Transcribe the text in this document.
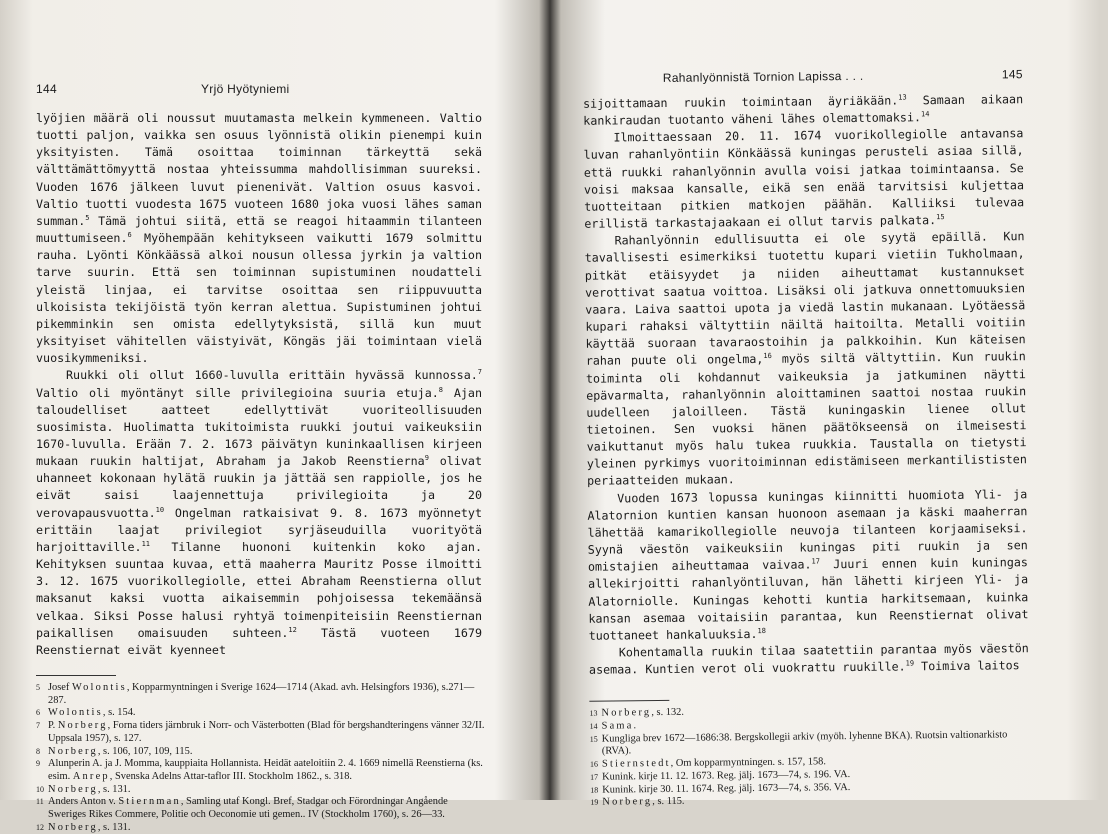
144	Yrjö Hyötyniemi

lyöjien määrä oli noussut muutamasta melkein kymmeneen. Valtio tuotti paljon, vaikka sen osuus lyönnistä olikin pienempi kuin yksityisten. Tämä osoittaa toiminnan tärkeyttä sekä välttämättömyyttä nostaa yhteissumma mahdollisimman suureksi. Vuoden 1676 jälkeen luvut pienenivät. Valtion osuus kasvoi. Valtio tuotti vuodesta 1675 vuoteen 1680 joka vuosi lähes saman summan.$^5$ Tämä johtui siitä, että se reagoi hitaammin tilanteen muuttumiseen.$^6$ Myöhempään kehitykseen vaikutti 1679 solmittu rauha. Lyönti Könkäässä alkoi nousun ollessa jyrkin ja valtion tarve suurin. Että sen toiminnan supistuminen noudatteli yleistä linjaa, ei tarvitse osoittaa sen riippuvuutta ulkoisista tekijöistä työn kerran alettua. Supistuminen johtui pikemminkin sen omista edellytyksistä, sillä kun muut yksityiset vähitellen väistyivät, Köngäs jäi toimintaan vielä vuosikymmeniksi.

Ruukki oli ollut 1660-luvulla erittäin hyvässä kunnossa.$^7$ Valtio oli myöntänyt sille privilegioina suuria etuja.$^8$ Ajan taloudelliset aatteet edellyttivät vuoriteollisuuden suosimista. Huolimatta tukitoimista ruukki joutui vaikeuksiin 1670-luvulla. Erään 7. 2. 1673 päivätyn kuninkaallisen kirjeen mukaan ruukin haltijat, Abraham ja Jakob Reenstierna$^9$ olivat uhanneet kokonaan hylätä ruukin ja jättää sen rappiolle, jos he eivät saisi laajennettuja privilegioita ja 20 verovapausvuotta.$^{10}$ Ongelman ratkaisivat 9. 8. 1673 myönnetyt erittäin laajat privilegiot syrjäseuduilla vuorityötä harjoittaville.$^{11}$ Tilanne huononi kuitenkin koko ajan. Kehityksen suuntaa kuvaa, että maaherra Mauritz Posse ilmoitti 3. 12. 1675 vuorikollegiolle, ettei Abraham Reenstierna ollut maksanut kaksi vuotta aikaisemmin pohjoisessa tekemäänsä velkaa. Siksi Posse halusi ryhtyä toimenpiteisiin Reenstiernan paikallisen omaisuuden suhteen.$^{12}$ Tästä vuoteen 1679 Reenstiernat eivät kyenneet

5 Josef Wolontis, Kopparmyntningen i Sverige 1624—1714 (Akad. avh. Helsingfors 1936), s.271—287.
6 Wolontis, s. 154.
7 P. Norberg, Forna tiders järnbruk i Norr- och Västerbotten (Blad för bergshandteringens vänner 32/II. Uppsala 1957), s. 127.
8 Norberg, s. 106, 107, 109, 115.
9 Alunperin A. ja J. Momma, kauppiaita Hollannista. Heidät aateloitiin 2. 4. 1669 nimellä Reenstierna (ks. esim. Anrep, Svenska Adelns Attar-taflor III. Stockholm 1862., s. 318.
10 Norberg, s. 131.
11 Anders Anton v. Stiernman, Samling utaf Kongl. Bref, Stadgar och Förordningar Angående Sweriges Rikes Commere, Politie och Oeconomie uti gemen.. IV (Stockholm 1760), s. 26—33.
12 Norberg, s. 131.
Rahanlyönnistä Tornion Lapissa . . .	145

sijoittamaan ruukin toimintaan äyriäkään.$^{13}$ Samaan aikaan kankiraudan tuotanto väheni lähes olemattomaksi.$^{14}$

Ilmoittaessaan 20. 11. 1674 vuorikollegiolle antavansa luvan rahanlyöntiin Könkäässä kuningas perusteli asiaa sillä, että ruukki rahanlyönnin avulla voisi jatkaa toimintaansa. Se voisi maksaa kansalle, eikä sen enää tarvitsisi kuljettaa tuotteitaan pitkien matkojen päähän. Kalliiksi tulevaa erillistä tarkastajaakaan ei ollut tarvis palkata.$^{15}$

Rahanlyönnin edullisuutta ei ole syytä epäillä. Kun tavallisesti esimerkiksi tuotettu kupari vietiin Tukholmaan, pitkät etäisyydet ja niiden aiheuttamat kustannukset verottivat saatua voittoa. Lisäksi oli jatkuva onnettomuuksien vaara. Laiva saattoi upota ja viedä lastin mukanaan. Lyötäessä kupari rahaksi vältyttiin näiltä haitoilta. Metalli voitiin käyttää suoraan tavaraostoihin ja palkkoihin. Kun käteisen rahan puute oli ongelma,$^{16}$ myös siltä vältyttiin. Kun ruukin toiminta oli kohdannut vaikeuksia ja jatkuminen näytti epävarmalta, rahanlyönnin aloittaminen saattoi nostaa ruukin uudelleen jaloilleen. Tästä kuningaskin lienee ollut tietoinen. Sen vuoksi hänen päätökseensä on ilmeisesti vaikuttanut myös halu tukea ruukkia. Taustalla on tietysti yleinen pyrkimys vuoritoiminnan edistämiseen merkantilististen periaatteiden mukaan.

Vuoden 1673 lopussa kuningas kiinnitti huomiota Yli- ja Alatornion kuntien kansan huonoon asemaan ja käski maaherran lähettää kamarikollegiolle neuvoja tilanteen korjaamiseksi. Syynä väestön vaikeuksiin kuningas piti ruukin ja sen omistajien aiheuttamaa vaivaa.$^{17}$ Juuri ennen kuin kuningas allekirjoitti rahanlyöntiluvan, hän lähetti kirjeen Yli- ja Alatorniolle. Kuningas kehotti kuntia harkitsemaan, kuinka kansan asemaa voitaisiin parantaa, kun Reenstiernat olivat tuottaneet hankaluuksia.$^{18}$

Kohentamalla ruukin tilaa saatettiin parantaa myös väestön asemaa. Kuntien verot oli vuokrattu ruukille.$^{19}$ Toimiva laitos

13 Norberg, s. 132.
14 Sama.
15 Kungliga brev 1672—1686:38. Bergskollegii arkiv (myöh. lyhenne BKA). Ruotsin valtionarkisto (RVA).
16 Stiernstedt, Om kopparmyntningen. s. 157, 158.
17 Kunink. kirje 11. 12. 1673. Reg. jälj. 1673—74, s. 196. VA.
18 Kunink. kirje 30. 11. 1674. Reg. jälj. 1673—74, s. 356. VA.
19 Norberg, s. 115.
